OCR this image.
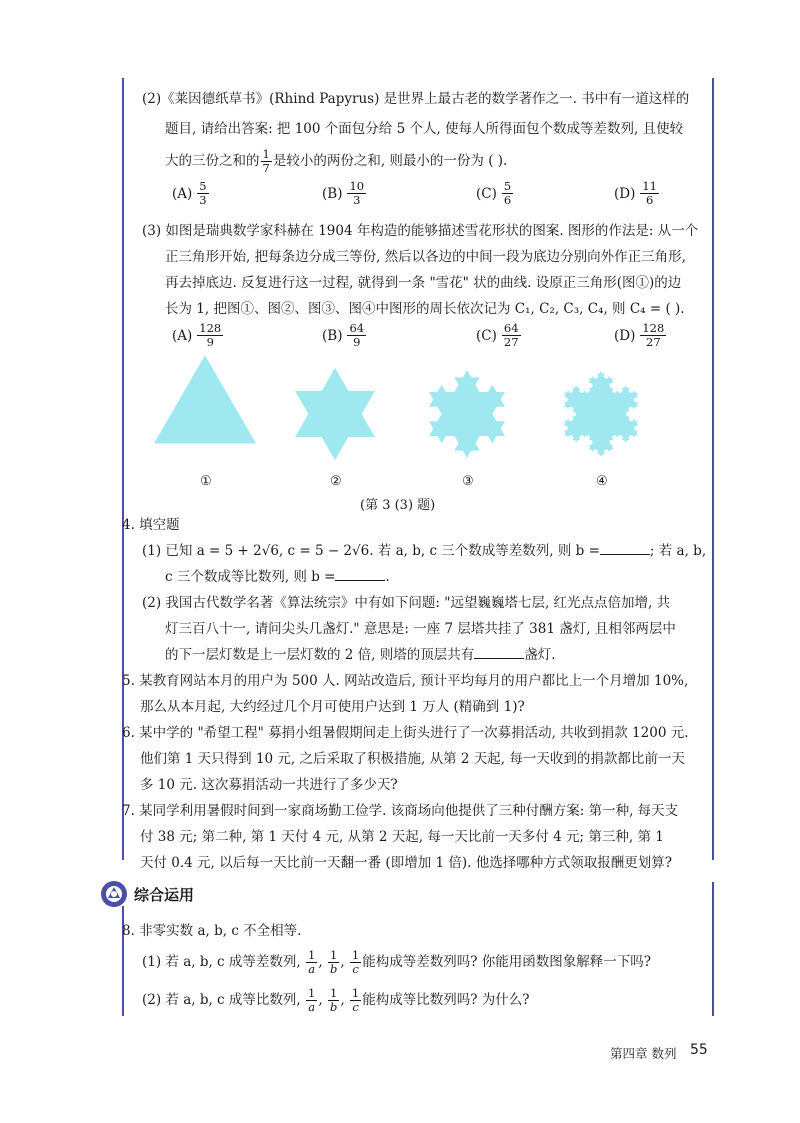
(2)《莱因德纸草书》(Rhind Papyrus) 是世界上最古老的数学著作之一. 书中有一道这样的
题目, 请给出答案: 把 100 个面包分给 5 个人, 使每人所得面包个数成等差数列, 且使较
大的三份之和的 $\frac{1}{7}$ 是较小的两份之和, 则最小的一份为 ( ).
$(A) \frac{5}{3}$	$(B) \frac{10}{3}$	$(C) \frac{5}{6}$	$(D) \frac{11}{6}$
(3) 如图是瑞典数学家科赫在 1904 年构造的能够描述雪花形状的图案. 图形的作法是: 从一个
正三角形开始, 把每条边分成三等份, 然后以各边的中间一段为底边分别向外作正三角形,
再去掉底边. 反复进行这一过程, 就得到一条 "雪花" 状的曲线. 设原正三角形(图①)的边
长为 1, 把图①、图②、图③、图④中图形的周长依次记为 C₁, C₂, C₃, C₄, 则 C₄ = ( ).
$(A) \frac{128}{9}$	$(B) \frac{64}{9}$	$(C) \frac{64}{27}$	$(D) \frac{128}{27}$
①	②	③	④
(第 3 (3) 题)
4. 填空题
(1) 已知 a = 5 + 2√6, c = 5 − 2√6. 若 a, b, c 三个数成等差数列, 则 b =	; 若 a, b,
c 三个数成等比数列, 则 b =	.
(2) 我国古代数学名著《算法统宗》中有如下问题: "远望巍巍塔七层, 红光点点倍加增, 共
灯三百八十一, 请问尖头几盏灯." 意思是: 一座 7 层塔共挂了 381 盏灯, 且相邻两层中
的下一层灯数是上一层灯数的 2 倍, 则塔的顶层共有	盏灯.
5. 某教育网站本月的用户为 500 人. 网站改造后, 预计平均每月的用户都比上一个月增加 10%,
那么从本月起, 大约经过几个月可使用户达到 1 万人 (精确到 1)?
6. 某中学的 "希望工程" 募捐小组暑假期间走上街头进行了一次募捐活动, 共收到捐款 1200 元.
他们第 1 天只得到 10 元, 之后采取了积极措施, 从第 2 天起, 每一天收到的捐款都比前一天
多 10 元. 这次募捐活动一共进行了多少天?
7. 某同学利用暑假时间到一家商场勤工俭学. 该商场向他提供了三种付酬方案: 第一种, 每天支
付 38 元; 第二种, 第 1 天付 4 元, 从第 2 天起, 每一天比前一天多付 4 元; 第三种, 第 1
天付 0.4 元, 以后每一天比前一天翻一番 (即增加 1 倍). 他选择哪种方式领取报酬更划算?
综合运用
8. 非零实数 a, b, c 不全相等.
(1) 若 a, b, c 成等差数列, $\frac{1}{a}$ , $\frac{1}{b}$ , $\frac{1}{c}$ 能构成等差数列吗? 你能用函数图象解释一下吗?
(2) 若 a, b, c 成等比数列, $\frac{1}{a}$ , $\frac{1}{b}$ , $\frac{1}{c}$ 能构成等比数列吗? 为什么?
第四章 数列 55
